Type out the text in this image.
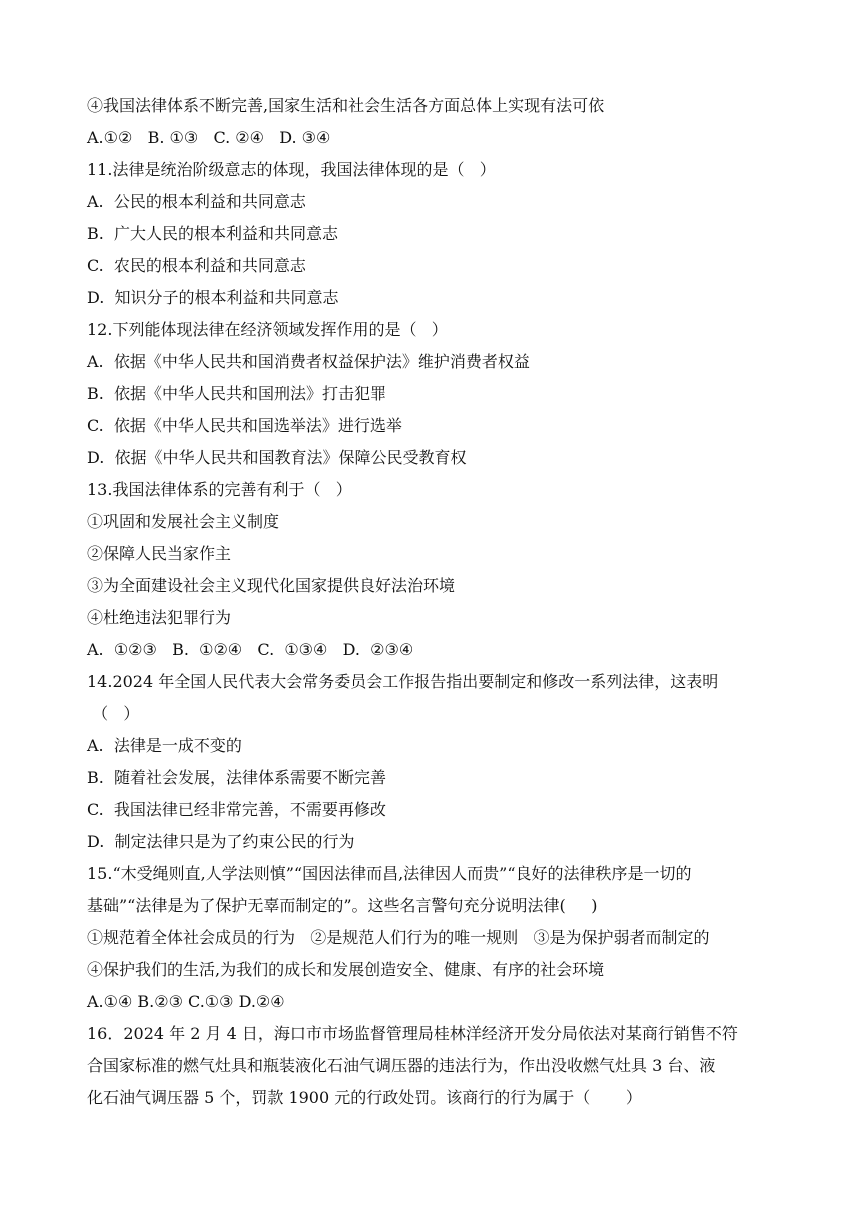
④我国法律体系不断完善,国家生活和社会生活各方面总体上实现有法可依
A.①②   B. ①③   C. ②④   D. ③④
11.法律是统治阶级意志的体现，我国法律体现的是（   ）
A.  公民的根本利益和共同意志
B.  广大人民的根本利益和共同意志
C.  农民的根本利益和共同意志
D.  知识分子的根本利益和共同意志
12.下列能体现法律在经济领域发挥作用的是（   ）
A.  依据《中华人民共和国消费者权益保护法》维护消费者权益
B.  依据《中华人民共和国刑法》打击犯罪
C.  依据《中华人民共和国选举法》进行选举
D.  依据《中华人民共和国教育法》保障公民受教育权
13.我国法律体系的完善有利于（   ）
①巩固和发展社会主义制度
②保障人民当家作主
③为全面建设社会主义现代化国家提供良好法治环境
④杜绝违法犯罪行为
A.  ①②③   B.  ①②④   C.  ①③④   D.  ②③④
14.2024 年全国人民代表大会常务委员会工作报告指出要制定和修改一系列法律，这表明
（   ）
A.  法律是一成不变的
B.  随着社会发展，法律体系需要不断完善
C.  我国法律已经非常完善，不需要再修改
D.  制定法律只是为了约束公民的行为
15.“木受绳则直,人学法则慎”“国因法律而昌,法律因人而贵”“良好的法律秩序是一切的
基础”“法律是为了保护无辜而制定的”。这些名言警句充分说明法律(     )
①规范着全体社会成员的行为   ②是规范人们行为的唯一规则   ③是为保护弱者而制定的
④保护我们的生活,为我们的成长和发展创造安全、健康、有序的社会环境
A.①④ B.②③ C.①③ D.②④
16．2024 年 2 月 4 日，海口市市场监督管理局桂林洋经济开发分局依法对某商行销售不符
合国家标准的燃气灶具和瓶装液化石油气调压器的违法行为，作出没收燃气灶具 3 台、液
化石油气调压器 5 个，罚款 1900 元的行政处罚。该商行的行为属于（       ）
